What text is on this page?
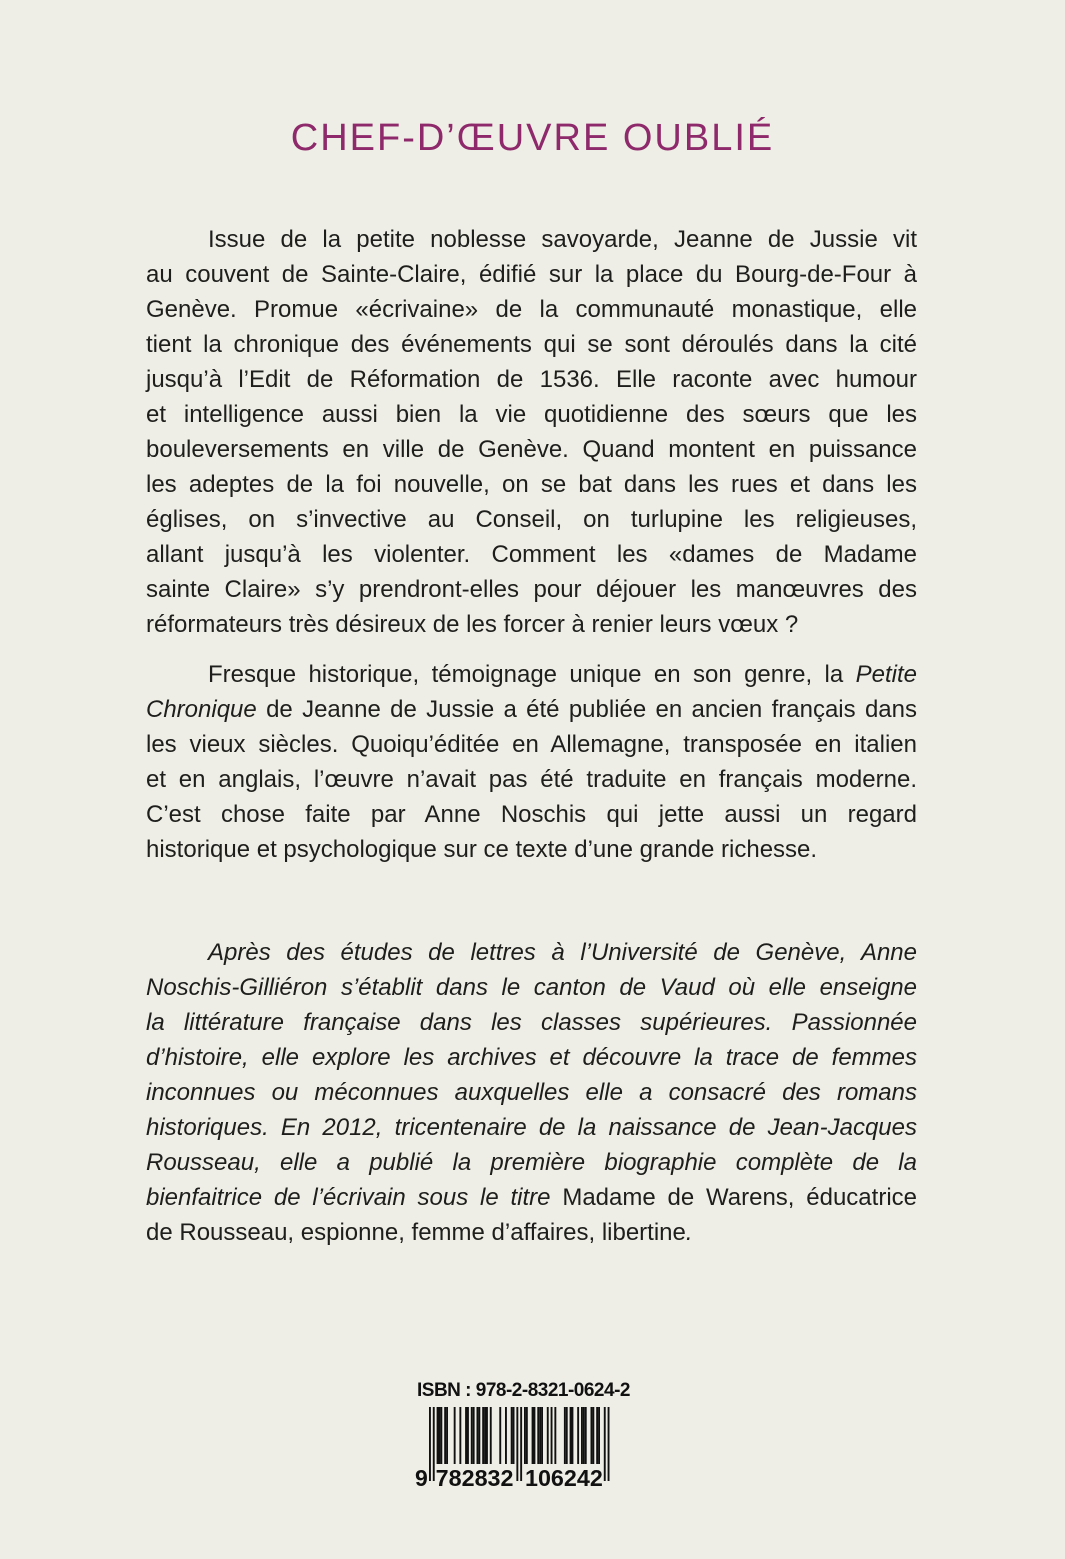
CHEF-D’ŒUVRE OUBLIÉ
Issue de la petite noblesse savoyarde, Jeanne de Jussie vit
au couvent de Sainte-Claire, édifié sur la place du Bourg-de-Four à
Genève. Promue «écrivaine» de la communauté monastique, elle
tient la chronique des événements qui se sont déroulés dans la cité
jusqu’à l’Edit de Réformation de 1536. Elle raconte avec humour
et intelligence aussi bien la vie quotidienne des sœurs que les
bouleversements en ville de Genève. Quand montent en puissance
les adeptes de la foi nouvelle, on se bat dans les rues et dans les
églises, on s’invective au Conseil, on turlupine les religieuses,
allant jusqu’à les violenter. Comment les «dames de Madame
sainte Claire» s’y prendront-elles pour déjouer les manœuvres des
réformateurs très désireux de les forcer à renier leurs vœux ?
Fresque historique, témoignage unique en son genre, la Petite
Chronique de Jeanne de Jussie a été publiée en ancien français dans
les vieux siècles. Quoiqu’éditée en Allemagne, transposée en italien
et en anglais, l’œuvre n’avait pas été traduite en français moderne.
C’est chose faite par Anne Noschis qui jette aussi un regard
historique et psychologique sur ce texte d’une grande richesse.
Après des études de lettres à l’Université de Genève, Anne
Noschis-Gilliéron s’établit dans le canton de Vaud où elle enseigne
la littérature française dans les classes supérieures. Passionnée
d’histoire, elle explore les archives et découvre la trace de femmes
inconnues ou méconnues auxquelles elle a consacré des romans
historiques. En 2012, tricentenaire de la naissance de Jean-Jacques
Rousseau, elle a publié la première biographie complète de la
bienfaitrice de l’écrivain sous le titre Madame de Warens, éducatrice
de Rousseau, espionne, femme d’affaires, libertine.
ISBN : 978-2-8321-0624-2
9 782832 106242
